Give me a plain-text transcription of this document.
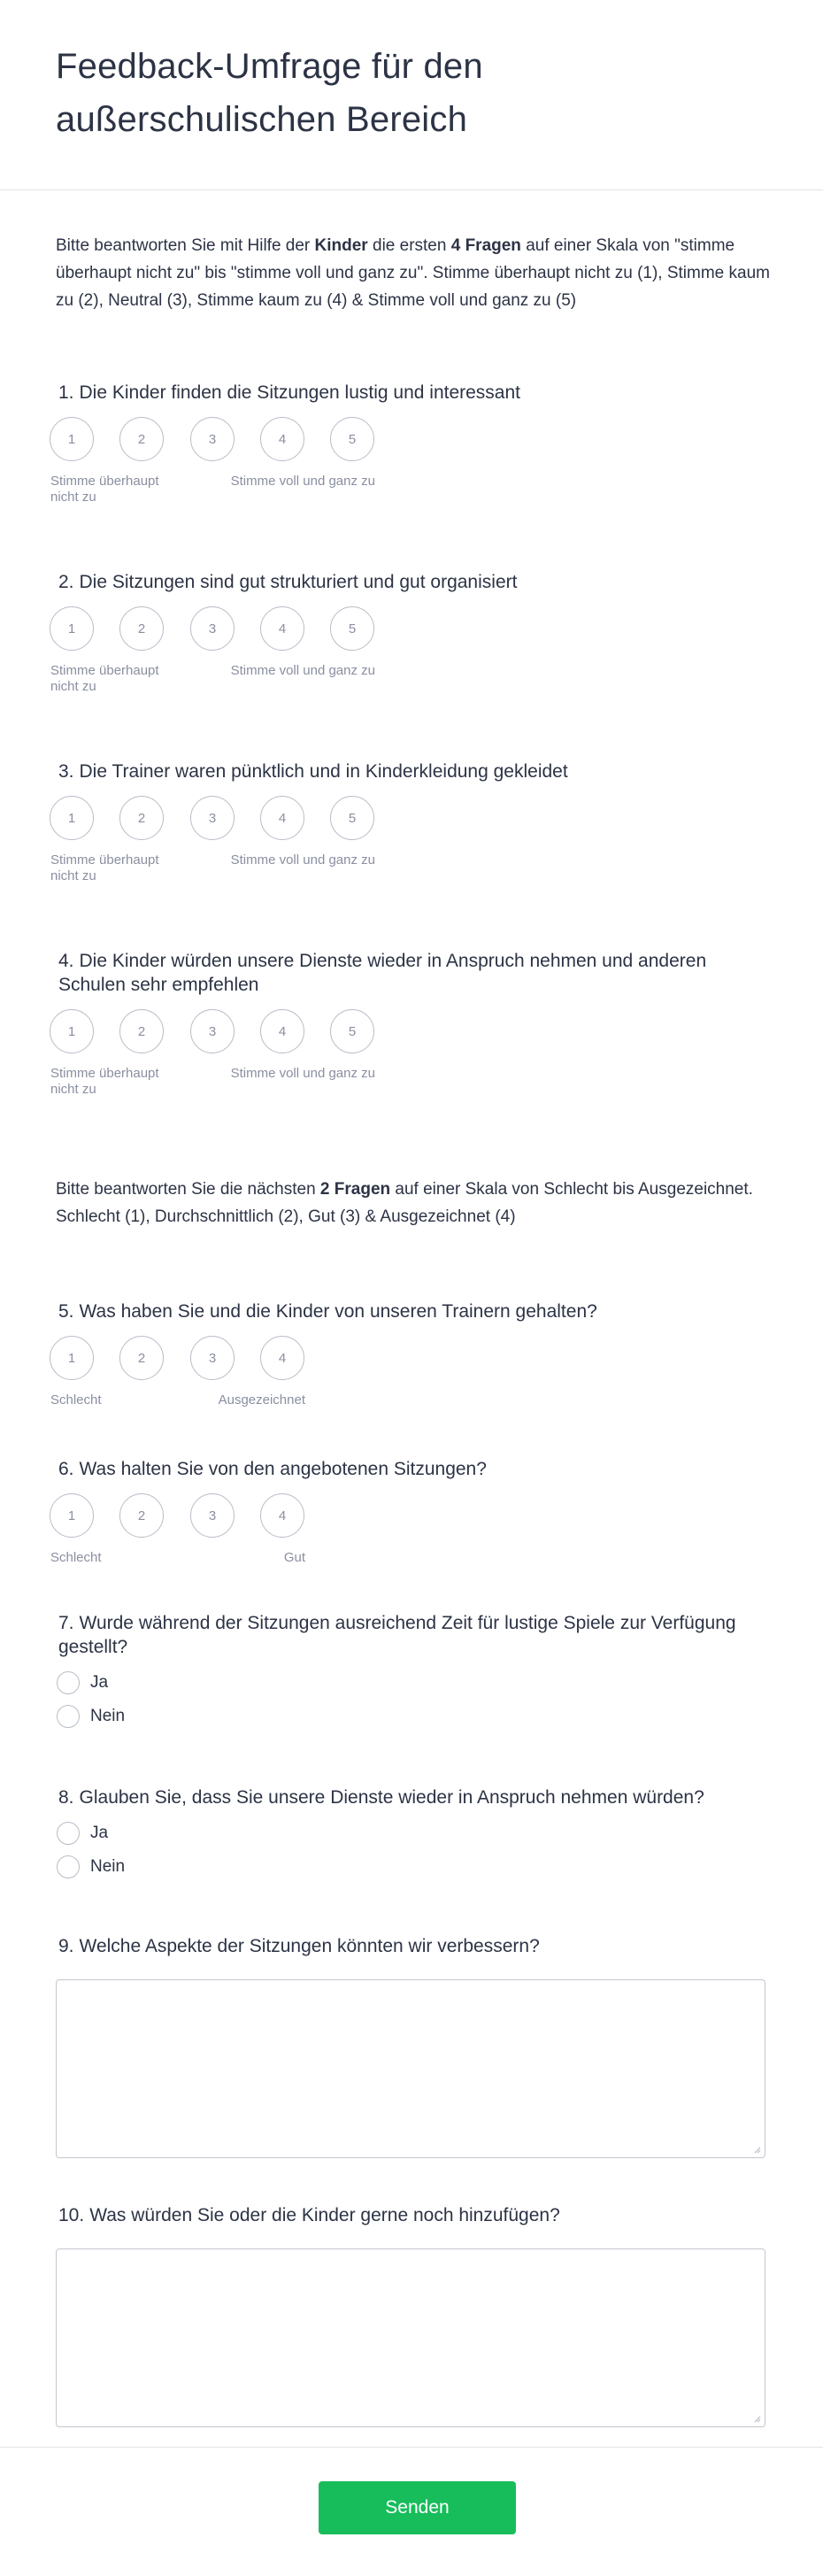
Feedback-Umfrage für den außerschulischen Bereich

Bitte beantworten Sie mit Hilfe der Kinder die ersten 4 Fragen auf einer Skala von "stimme überhaupt nicht zu" bis "stimme voll und ganz zu". Stimme überhaupt nicht zu (1), Stimme kaum zu (2), Neutral (3), Stimme kaum zu (4) & Stimme voll und ganz zu (5)

1. Die Kinder finden die Sitzungen lustig und interessant
1	2	3	4	5
Stimme überhaupt nicht zu
Stimme voll und ganz zu
2. Die Sitzungen sind gut strukturiert und gut organisiert
1	2	3	4	5
Stimme überhaupt nicht zu
Stimme voll und ganz zu
3. Die Trainer waren pünktlich und in Kinderkleidung gekleidet
1	2	3	4	5
Stimme überhaupt nicht zu
Stimme voll und ganz zu
4. Die Kinder würden unsere Dienste wieder in Anspruch nehmen und anderen Schulen sehr empfehlen
1	2	3	4	5
Stimme überhaupt nicht zu
Stimme voll und ganz zu

Bitte beantworten Sie die nächsten 2 Fragen auf einer Skala von Schlecht bis Ausgezeichnet. Schlecht (1), Durchschnittlich (2), Gut (3) & Ausgezeichnet (4)

5. Was haben Sie und die Kinder von unseren Trainern gehalten?
1	2	3	4
Schlecht	Ausgezeichnet
6. Was halten Sie von den angebotenen Sitzungen?
1	2	3	4
Schlecht	Gut
7. Wurde während der Sitzungen ausreichend Zeit für lustige Spiele zur Verfügung gestellt?
Ja
Nein
8. Glauben Sie, dass Sie unsere Dienste wieder in Anspruch nehmen würden?
Ja
Nein
9. Welche Aspekte der Sitzungen könnten wir verbessern?
10. Was würden Sie oder die Kinder gerne noch hinzufügen?
Senden
